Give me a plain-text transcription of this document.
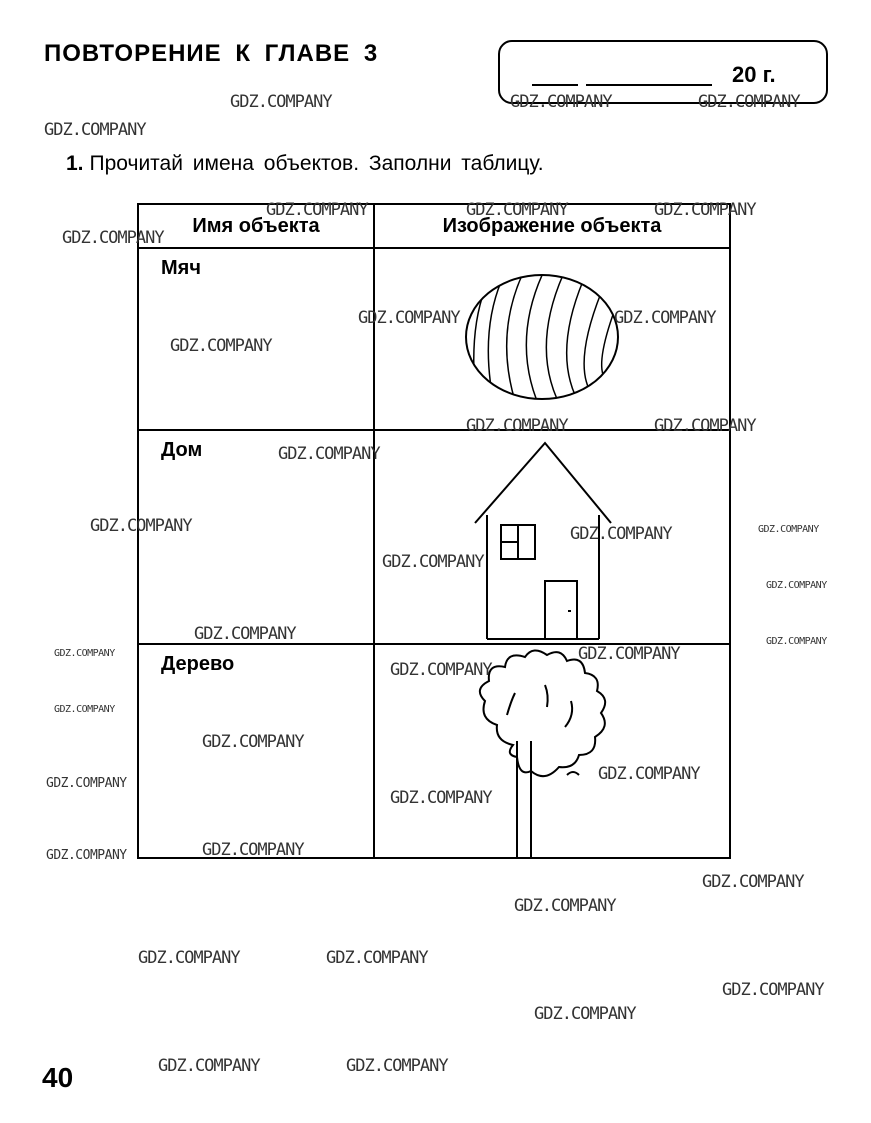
ПОВТОРЕНИЕ К ГЛАВЕ 3
20 г.
1. Прочитай имена объектов. Заполни таблицу.
Имя объекта	Изображение объекта
Мяч	

Дом	

Дерево	
40
GDZ.COMPANY	GDZ.COMPANY	GDZ.COMPANY
GDZ.COMPANY
GDZ.COMPANY	GDZ.COMPANY	GDZ.COMPANY
GDZ.COMPANY
GDZ.COMPANY	GDZ.COMPANY
GDZ.COMPANY
GDZ.COMPANY	GDZ.COMPANY
GDZ.COMPANY
GDZ.COMPANY	GDZ.COMPANY	GDZ.COMPANY
GDZ.COMPANY
GDZ.COMPANY
GDZ.COMPANY	GDZ.COMPANY
GDZ.COMPANY	GDZ.COMPANY
GDZ.COMPANY
GDZ.COMPANY
GDZ.COMPANY
GDZ.COMPANY
GDZ.COMPANY
GDZ.COMPANY
GDZ.COMPANY	GDZ.COMPANY
GDZ.COMPANY
GDZ.COMPANY
GDZ.COMPANY	GDZ.COMPANY
GDZ.COMPANY
GDZ.COMPANY
GDZ.COMPANY	GDZ.COMPANY
